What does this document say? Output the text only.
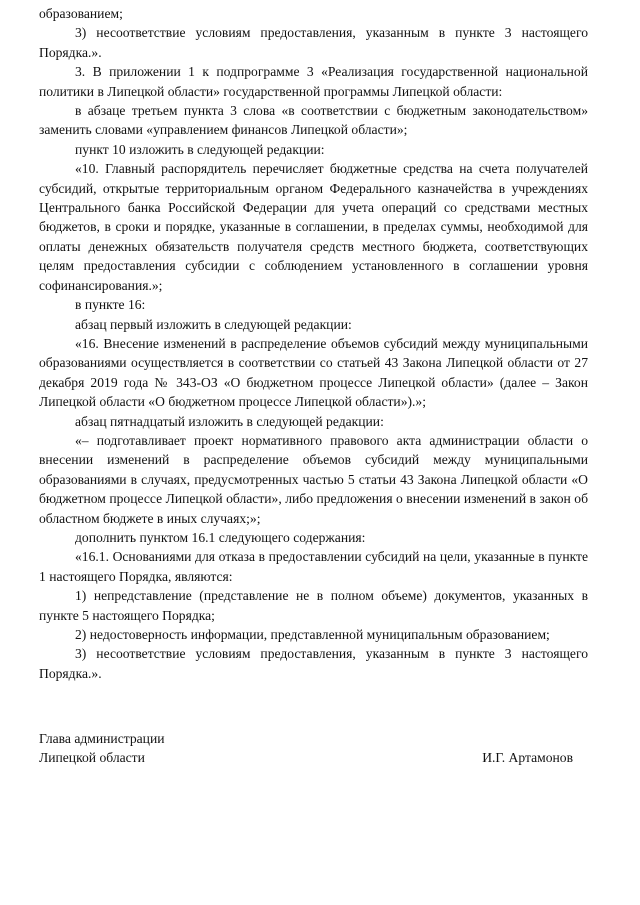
образованием;

3) несоответствие условиям предоставления, указанным в пункте 3 настоящего Порядка.».

3. В приложении 1 к подпрограмме 3 «Реализация государственной национальной политики в Липецкой области» государственной программы Липецкой области:

в абзаце третьем пункта 3 слова «в соответствии с бюджетным законодательством» заменить словами «управлением финансов Липецкой области»;

пункт 10 изложить в следующей редакции:

«10. Главный распорядитель перечисляет бюджетные средства на счета получателей субсидий, открытые территориальным органом Федерального казначейства в учреждениях Центрального банка Российской Федерации для учета операций со средствами местных бюджетов, в сроки и порядке, указанные в соглашении, в пределах суммы, необходимой для оплаты денежных обязательств получателя средств местного бюджета, соответствующих целям предоставления субсидии с соблюдением установленного в соглашении уровня софинансирования.»;

в пункте 16:

абзац первый изложить в следующей редакции:

«16. Внесение изменений в распределение объемов субсидий между муниципальными образованиями осуществляется в соответствии со статьей 43 Закона Липецкой области от 27 декабря 2019 года № 343-ОЗ «О бюджетном процессе Липецкой области» (далее – Закон Липецкой области «О бюджетном процессе Липецкой области»).»;

абзац пятнадцатый изложить в следующей редакции:

«– подготавливает проект нормативного правового акта администрации области о внесении изменений в распределение объемов субсидий между муниципальными образованиями в случаях, предусмотренных частью 5 статьи 43 Закона Липецкой области «О бюджетном процессе Липецкой области», либо предложения о внесении изменений в закон об областном бюджете в иных случаях;»;

дополнить пунктом 16.1 следующего содержания:

«16.1. Основаниями для отказа в предоставлении субсидий на цели, указанные в пункте 1 настоящего Порядка, являются:

1) непредставление (представление не в полном объеме) документов, указанных в пункте 5 настоящего Порядка;

2) недостоверность информации, представленной муниципальным образованием;

3) несоответствие условиям предоставления, указанным в пункте 3 настоящего Порядка.».

Глава администрации

Липецкой области	И.Г. Артамонов
